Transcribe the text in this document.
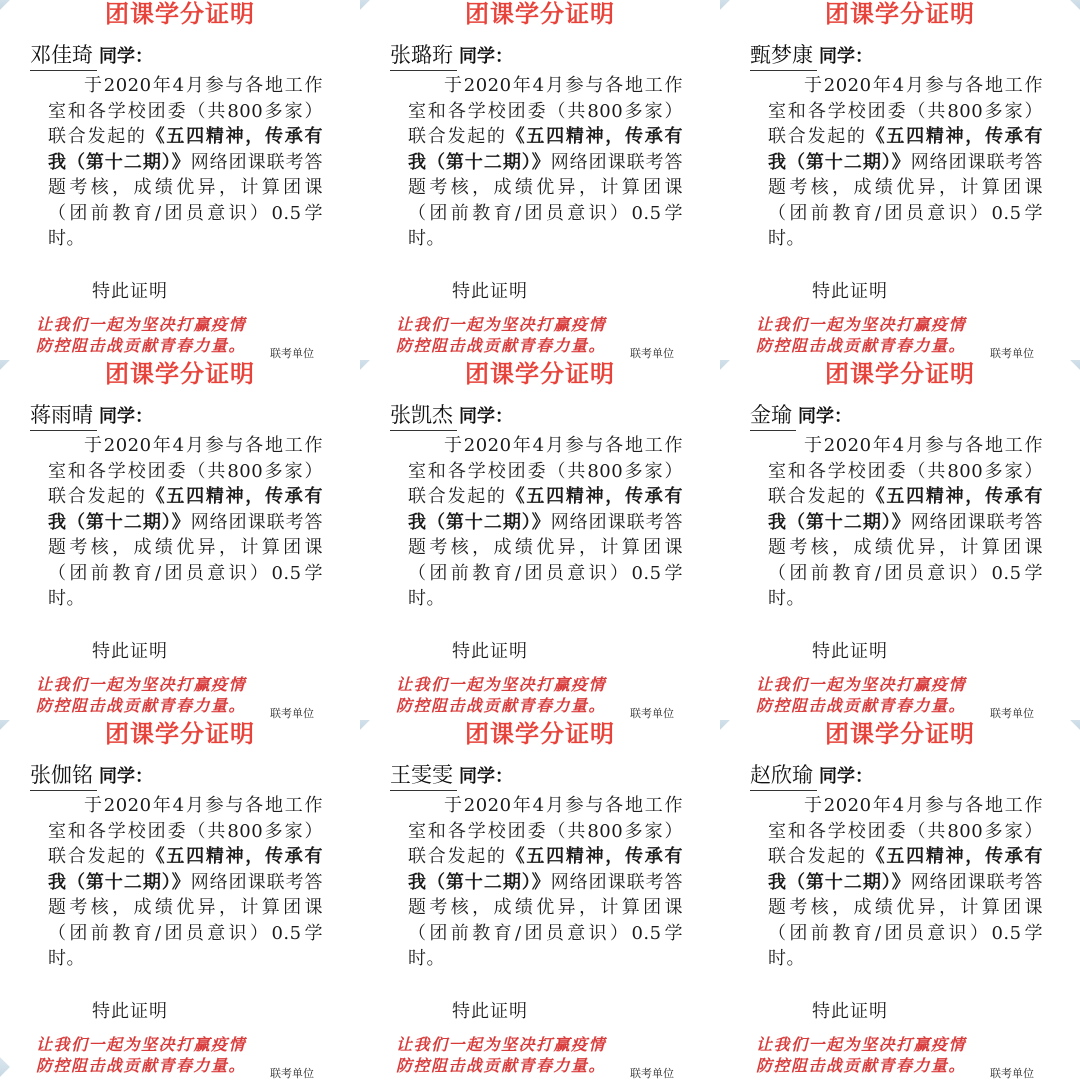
团课学分证明
邓佳琦 同学：
于2020年4月参与各地工作室和各学校团委（共800多家）联合发起的《五四精神，传承有我（第十二期）》网络团课联考答题考核，成绩优异，计算团课（团前教育/团员意识）0.5学时。
特此证明
让我们一起为坚决打赢疫情
防控阻击战贡献青春力量。	联考单位
团课学分证明
张璐珩 同学：
于2020年4月参与各地工作室和各学校团委（共800多家）联合发起的《五四精神，传承有我（第十二期）》网络团课联考答题考核，成绩优异，计算团课（团前教育/团员意识）0.5学时。
特此证明
让我们一起为坚决打赢疫情
防控阻击战贡献青春力量。	联考单位
团课学分证明
甄梦康 同学：
于2020年4月参与各地工作室和各学校团委（共800多家）联合发起的《五四精神，传承有我（第十二期）》网络团课联考答题考核，成绩优异，计算团课（团前教育/团员意识）0.5学时。
特此证明
让我们一起为坚决打赢疫情
防控阻击战贡献青春力量。	联考单位
团课学分证明
蒋雨晴 同学：
于2020年4月参与各地工作室和各学校团委（共800多家）联合发起的《五四精神，传承有我（第十二期）》网络团课联考答题考核，成绩优异，计算团课（团前教育/团员意识）0.5学时。
特此证明
让我们一起为坚决打赢疫情
防控阻击战贡献青春力量。	联考单位
团课学分证明
张凯杰 同学：
于2020年4月参与各地工作室和各学校团委（共800多家）联合发起的《五四精神，传承有我（第十二期）》网络团课联考答题考核，成绩优异，计算团课（团前教育/团员意识）0.5学时。
特此证明
让我们一起为坚决打赢疫情
防控阻击战贡献青春力量。	联考单位
团课学分证明
金瑜 同学：
于2020年4月参与各地工作室和各学校团委（共800多家）联合发起的《五四精神，传承有我（第十二期）》网络团课联考答题考核，成绩优异，计算团课（团前教育/团员意识）0.5学时。
特此证明
让我们一起为坚决打赢疫情
防控阻击战贡献青春力量。	联考单位
团课学分证明
张伽铭 同学：
于2020年4月参与各地工作室和各学校团委（共800多家）联合发起的《五四精神，传承有我（第十二期）》网络团课联考答题考核，成绩优异，计算团课（团前教育/团员意识）0.5学时。
特此证明
让我们一起为坚决打赢疫情
防控阻击战贡献青春力量。	联考单位
团课学分证明
王雯雯 同学：
于2020年4月参与各地工作室和各学校团委（共800多家）联合发起的《五四精神，传承有我（第十二期）》网络团课联考答题考核，成绩优异，计算团课（团前教育/团员意识）0.5学时。
特此证明
让我们一起为坚决打赢疫情
防控阻击战贡献青春力量。	联考单位
团课学分证明
赵欣瑜 同学：
于2020年4月参与各地工作室和各学校团委（共800多家）联合发起的《五四精神，传承有我（第十二期）》网络团课联考答题考核，成绩优异，计算团课（团前教育/团员意识）0.5学时。
特此证明
让我们一起为坚决打赢疫情
防控阻击战贡献青春力量。	联考单位
